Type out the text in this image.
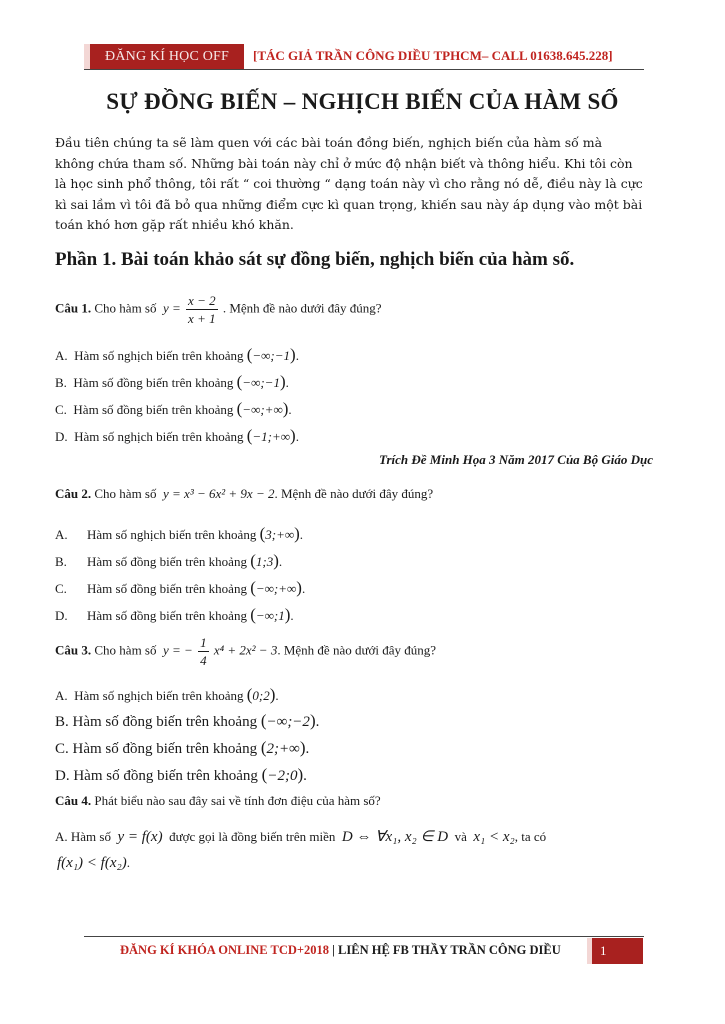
ĐĂNG KÍ HỌC OFF	[TÁC GIẢ TRẦN CÔNG DIỀU TPHCM– CALL 01638.645.228]
SỰ ĐỒNG BIẾN – NGHỊCH BIẾN CỦA HÀM SỐ

Đầu tiên chúng ta sẽ làm quen với các bài toán đồng biến, nghịch biến của hàm số mà không chứa tham số. Những bài toán này chỉ ở mức độ nhận biết và thông hiểu. Khi tôi còn là học sinh phổ thông, tôi rất “ coi thường “ dạng toán này vì cho rằng nó dễ, điều này là cực kì sai lầm vì tôi đã bỏ qua những điểm cực kì quan trọng, khiến sau này áp dụng vào một bài toán khó hơn gặp rất nhiều khó khăn.

Phần 1. Bài toán khảo sát sự đồng biến, nghịch biến của hàm số.
Câu 1. Cho hàm số $y = \frac{x - 2}{x + 1}$ . Mệnh đề nào dưới đây đúng?
A. Hàm số nghịch biến trên khoảng (−∞;−1).
B. Hàm số đồng biến trên khoảng (−∞;−1).
C. Hàm số đồng biến trên khoảng (−∞;+∞).
D. Hàm số nghịch biến trên khoảng (−1;+∞).
Trích Đề Minh Họa 3 Năm 2017 Của Bộ Giáo Dục
Câu 2. Cho hàm số y = x³ − 6x² + 9x − 2. Mệnh đề nào dưới đây đúng?
A. Hàm số nghịch biến trên khoảng (3;+∞).
B. Hàm số đồng biến trên khoảng (1;3).
C. Hàm số đồng biến trên khoảng (−∞;+∞).
D. Hàm số đồng biến trên khoảng (−∞;1).
Câu 3. Cho hàm số y = − $\frac{1}{4} x^4 + 2x^2 - 3$. Mệnh đề nào dưới đây đúng?
A. Hàm số nghịch biến trên khoảng (0;2).
B. Hàm số đồng biến trên khoảng (−∞;−2).
C. Hàm số đồng biến trên khoảng (2;+∞).
D. Hàm số đồng biến trên khoảng (−2;0).
Câu 4. Phát biểu nào sau đây sai về tính đơn điệu của hàm số?
A. Hàm số y = f(x) được gọi là đồng biến trên miền D ⇔ ∀x₁, x₂ ∈ D và x₁ < x₂, ta có
f(x₁) < f(x₂).
ĐĂNG KÍ KHÓA ONLINE TCD+2018 | LIÊN HỆ FB THẦY TRẦN CÔNG DIỀU	1
